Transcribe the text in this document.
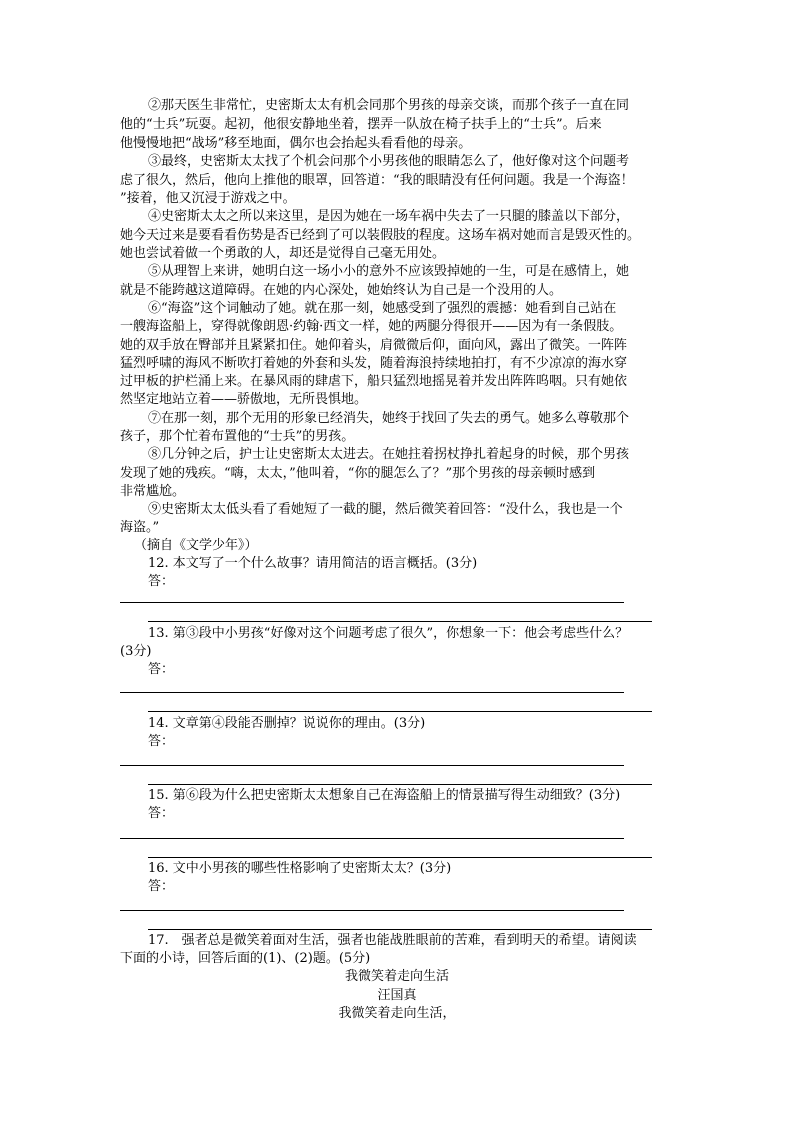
②那天医生非常忙，史密斯太太有机会同那个男孩的母亲交谈，而那个孩子一直在同
他的“士兵”玩耍。起初，他很安静地坐着，摆弄一队放在椅子扶手上的“士兵”。后来
他慢慢地把“战场”移至地面，偶尔也会抬起头看看他的母亲。
③最终，史密斯太太找了个机会问那个小男孩他的眼睛怎么了，他好像对这个问题考
虑了很久，然后，他向上推他的眼罩，回答道：“我的眼睛没有任何问题。我是一个海盗！
”接着，他又沉浸于游戏之中。
④史密斯太太之所以来这里，是因为她在一场车祸中失去了一只腿的膝盖以下部分，
她今天过来是要看看伤势是否已经到了可以装假肢的程度。这场车祸对她而言是毁灭性的。
她也尝试着做一个勇敢的人，却还是觉得自己毫无用处。
⑤从理智上来讲，她明白这一场小小的意外不应该毁掉她的一生，可是在感情上，她
就是不能跨越这道障碍。在她的内心深处，她始终认为自己是一个没用的人。
⑥“海盗”这个词触动了她。就在那一刻，她感受到了强烈的震撼：她看到自己站在
一艘海盗船上，穿得就像朗恩·约翰·西文一样，她的两腿分得很开——因为有一条假肢。
她的双手放在臀部并且紧紧扣住。她仰着头，肩微微后仰，面向风，露出了微笑。一阵阵
猛烈呼啸的海风不断吹打着她的外套和头发，随着海浪持续地拍打，有不少凉凉的海水穿
过甲板的护栏涌上来。在暴风雨的肆虐下，船只猛烈地摇晃着并发出阵阵呜咽。只有她依
然坚定地站立着——骄傲地，无所畏惧地。
⑦在那一刻，那个无用的形象已经消失，她终于找回了失去的勇气。她多么尊敬那个
孩子，那个忙着布置他的“士兵”的男孩。
⑧几分钟之后，护士让史密斯太太进去。在她拄着拐杖挣扎着起身的时候，那个男孩
发现了她的残疾。“嗨，太太，”他叫着，“你的腿怎么了？”那个男孩的母亲顿时感到
非常尴尬。
⑨史密斯太太低头看了看她短了一截的腿，然后微笑着回答：“没什么，我也是一个
海盗。”
（摘自《文学少年》）
12. 本文写了一个什么故事？请用简洁的语言概括。(3分)
答：
13. 第③段中小男孩“好像对这个问题考虑了很久”，你想象一下：他会考虑些什么？
(3分)
答：
14. 文章第④段能否删掉？说说你的理由。(3分)
答：
15. 第⑥段为什么把史密斯太太想象自己在海盗船上的情景描写得生动细致？(3分)
答：
16. 文中小男孩的哪些性格影响了史密斯太太？(3分)
答：
17.　强者总是微笑着面对生活，强者也能战胜眼前的苦难，看到明天的希望。请阅读
下面的小诗，回答后面的(1)、(2)题。(5分)
我微笑着走向生活
汪国真
我微笑着走向生活，
